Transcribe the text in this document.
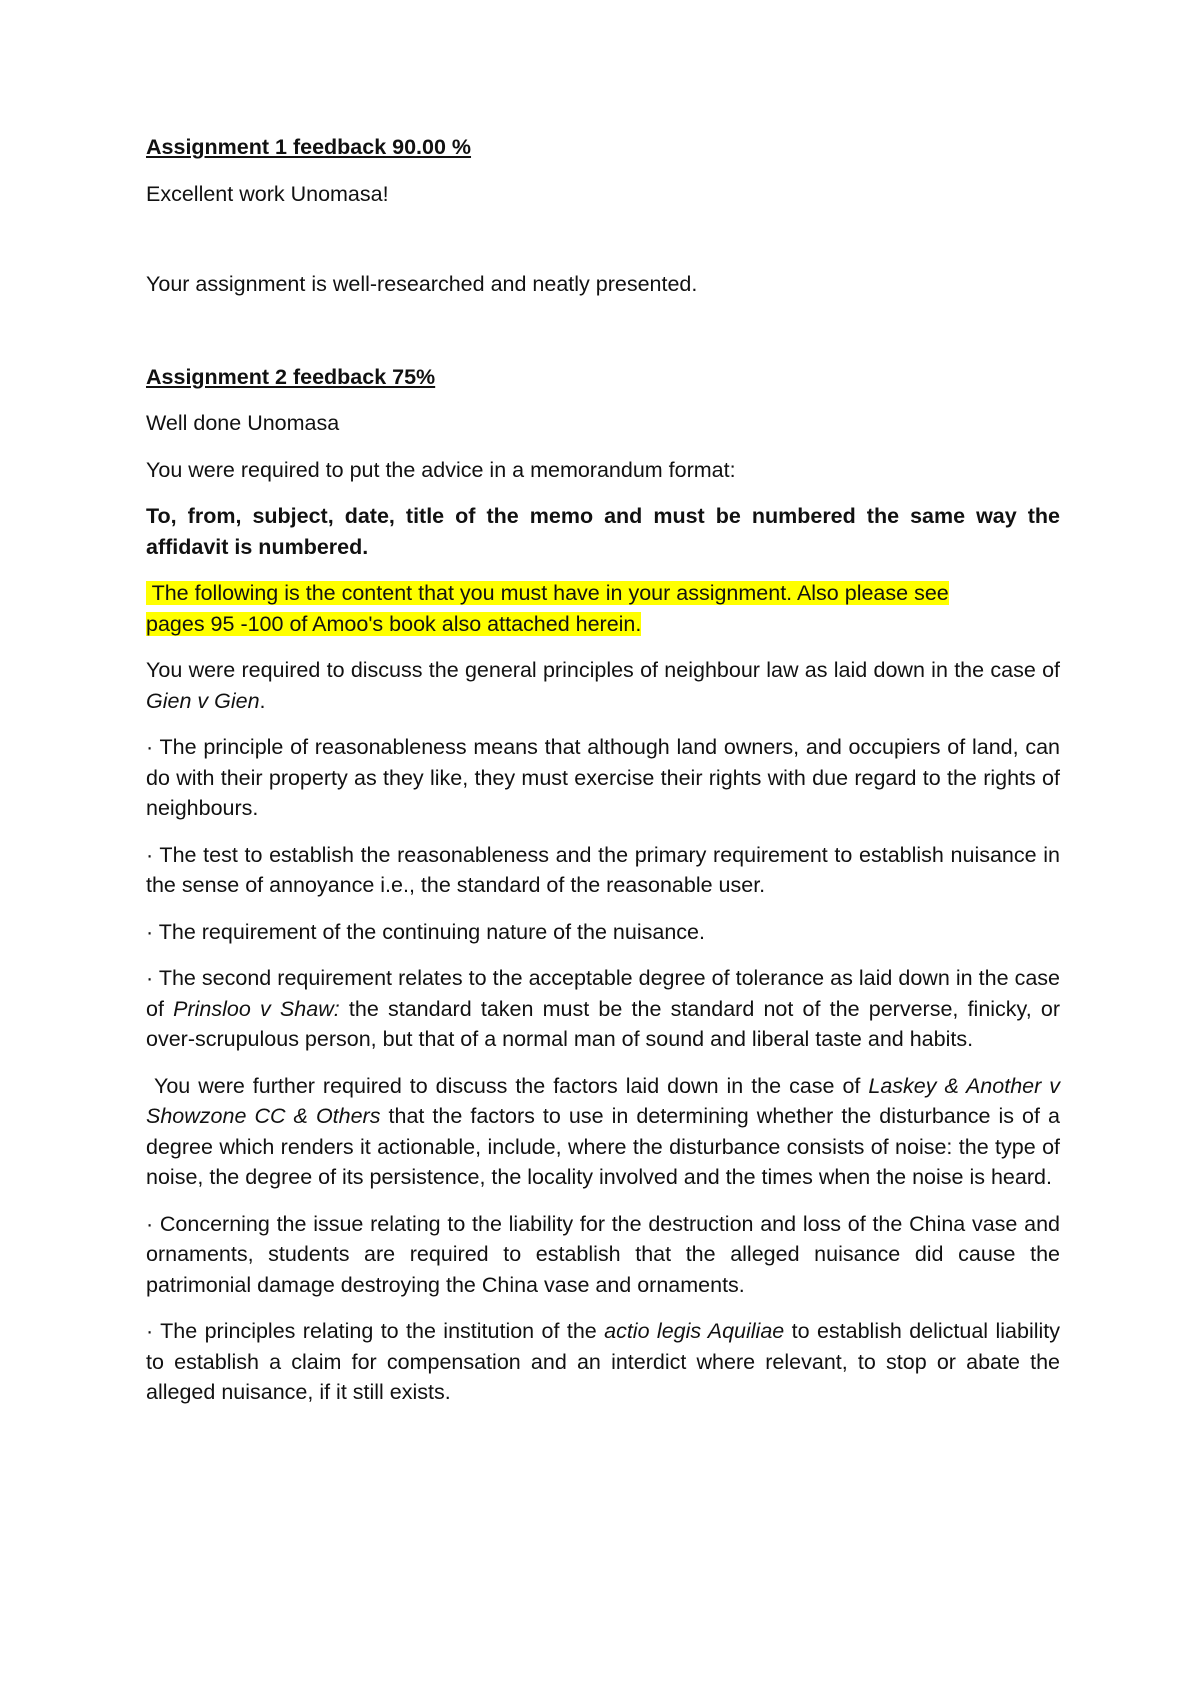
Assignment 1 feedback 90.00 %

Excellent work Unomasa!

Your assignment is well-researched and neatly presented.

Assignment 2 feedback 75%

Well done Unomasa

You were required to put the advice in a memorandum format:

To, from, subject, date, title of the memo and must be numbered the same way the affidavit is numbered.

The following is the content that you must have in your assignment. Also please see
pages 95 -100 of Amoo's book also attached herein.

You were required to discuss the general principles of neighbour law as laid down in the case of Gien v Gien.

· The principle of reasonableness means that although land owners, and occupiers of land, can do with their property as they like, they must exercise their rights with due regard to the rights of neighbours.

· The test to establish the reasonableness and the primary requirement to establish nuisance in the sense of annoyance i.e., the standard of the reasonable user.

· The requirement of the continuing nature of the nuisance.

· The second requirement relates to the acceptable degree of tolerance as laid down in the case of Prinsloo v Shaw: the standard taken must be the standard not of the perverse, finicky, or over-scrupulous person, but that of a normal man of sound and liberal taste and habits.

You were further required to discuss the factors laid down in the case of Laskey & Another v Showzone CC & Others that the factors to use in determining whether the disturbance is of a degree which renders it actionable, include, where the disturbance consists of noise: the type of noise, the degree of its persistence, the locality involved and the times when the noise is heard.

· Concerning the issue relating to the liability for the destruction and loss of the China vase and ornaments, students are required to establish that the alleged nuisance did cause the patrimonial damage destroying the China vase and ornaments.

· The principles relating to the institution of the actio legis Aquiliae to establish delictual liability to establish a claim for compensation and an interdict where relevant, to stop or abate the alleged nuisance, if it still exists.
